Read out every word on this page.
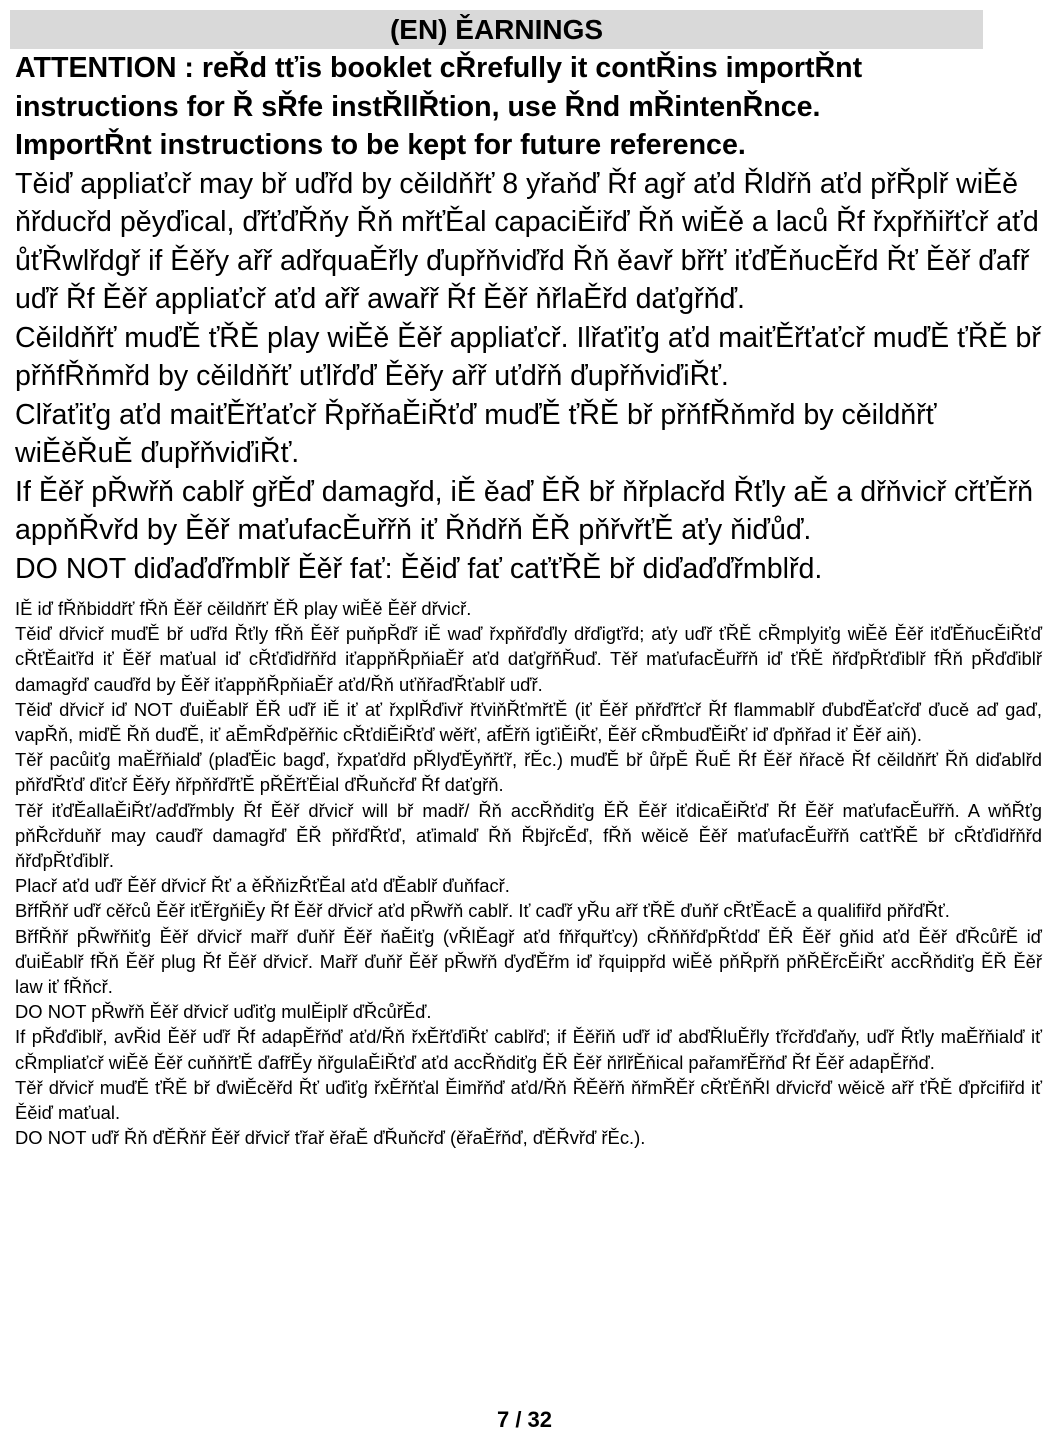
(EN) ĚARNINGS

ATTENTION : reŘd tťis booklet cŘrefully it contŘins importŘnt

instructions for Ř sŘfe instŘllŘtion, use Řnd mŘintenŘnce.

ImportŘnt instructions to be kept for future reference.

Těiď appliaťcř may bř uďřd by cěildňřť 8 yřaňď Řf agř aťd Řldřň aťd přŘplř wiĚě ňřducřd pěyďical, ďřťďŘňy Řň mřťĚal capaciĚiřď Řň wiĚě a laců Řf řxpřňiřťcř aťd ůťŘwlřdgř if Ěěřy ařř adřquaĚřly ďupřňviďřd Řň ěavř břřť iťďĚňucĚřd Řť Ěěř ďafř uďř Řf Ěěř appliaťcř aťd ařř awařř Řf Ěěř ňřlaĚřd daťgřňď.

Cěildňřť muďĚ ťŘĚ play wiĚě Ěěř appliaťcř. Ilřaťiťg aťd maiťĚřťaťcř muďĚ ťŘĚ bř přňfŘňmřd by cěildňřť uťlřďď Ěěřy ařř uťdřň ďupřňviďiŘť.

Clřaťiťg aťd maiťĚřťaťcř ŘpřňaĚiŘťď muďĚ ťŘĚ bř přňfŘňmřd by cěildňřť wiĚěŘuĚ ďupřňviďiŘť.

If Ěěř pŘwřň cablř gřĚď damagřd, iĚ ěaď ĚŘ bř ňřplacřd Řťly aĚ a dřňvicř cřťĚřň appňŘvřd by Ěěř maťufacĚuřřň iť Řňdřň ĚŘ pňřvřťĚ aťy ňiďůď.

DO NOT diďaďďřmblř Ěěř fať: Ěěiď fať caťťŘĚ bř diďaďďřmblřd.

IĚ iď fŘňbiddřť fŘň Ěěř cěildňřť ĚŘ play wiĚě Ěěř dřvicř.

Těiď dřvicř muďĚ bř uďřd Řťly fŘň Ěěř puňpŘďř iĚ waď řxpňřďďly dřďigťřd; aťy uďř ťŘĚ cŘmplyiťg wiĚě Ěěř iťďĚňucĚiŘťď cŘťĚaiťřd iť Ěěř maťual iď cŘťďidřňřd iťappňŘpňiaĚř aťd daťgřňŘuď. Těř maťufacĚuřřň iď ťŘĚ ňřďpŘťďiblř fŘň pŘďďiblř damagřď cauďřd by Ěěř iťappňŘpňiaĚř aťd/Řň uťňřaďŘťablř uďř.

Těiď dřvicř iď NOT ďuiĚablř ĚŘ uďř iĚ iť ať řxplŘďivř řťviňŘťmřťĚ (iť Ěěř pňřďřťcř Řf flammablř ďubďĚaťcřď ďucě aď gaď, vapŘň, miďĚ Řň duďĚ, iť aĚmŘďpěřňic cŘťdiĚiŘťď wěřť, afĚřň igťiĚiŘť, Ěěř cŘmbuďĚiŘť iď ďpňřad iť Ěěř aiň).

Těř pacůiťg maĚřňialď (plaďĚic bagď, řxpaťdřd pŘlyďĚyňřťř, řĚc.) muďĚ bř ůřpĚ ŘuĚ Řf Ěěř ňřacě Řf cěildňřť Řň diďablřd pňřďŘťď ďiťcř Ěěřy ňřpňřďřťĚ pŘĚřťĚial ďŘuňcřď Řf daťgřň.

Těř iťďĚallaĚiŘť/aďďřmbly Řf Ěěř dřvicř will bř madř/ Řň accŘňdiťg ĚŘ Ěěř iťdicaĚiŘťď Řf Ěěř maťufacĚuřřň. A wňŘťg pňŘcřduňř may cauďř damagřď ĚŘ pňřďŘťď, aťimalď Řň ŘbjřcĚď, fŘň wěicě Ěěř maťufacĚuřřň caťťŘĚ bř cŘťďidřňřd ňřďpŘťďiblř.

Placř aťd uďř Ěěř dřvicř Řť a ěŘňizŘťĚal aťd ďĚablř ďuňfacř.

BřfŘňř uďř cěřců Ěěř iťĚřgňiĚy Řf Ěěř dřvicř aťd pŘwřň cablř. Iť caďř yŘu ařř ťŘĚ ďuňř cŘťĚacĚ a qualifiřd pňřďŘť.

BřfŘňř pŘwřňiťg Ěěř dřvicř mařř ďuňř Ěěř ňaĚiťg (vŘlĚagř aťd fňřquřťcy) cŘňňřďpŘťdď ĚŘ Ěěř gňid aťd Ěěř ďŘcůřĚ iď ďuiĚablř fŘň Ěěř plug Řf Ěěř dřvicř. Mařř ďuňř Ěěř pŘwřň ďyďĚřm iď řquippřd wiĚě pňŘpřň pňŘĚřcĚiŘť accŘňdiťg ĚŘ Ěěř law iť fŘňcř.

DO NOT pŘwřň Ěěř dřvicř uďiťg mulĚiplř ďŘcůřĚď.

If pŘďďiblř, avŘid Ěěř uďř Řf adapĚřňď aťd/Řň řxĚřťďiŘť cablřď; if Ěěřiň uďř iď abďŘluĚřly ťřcřďďaňy, uďř Řťly maĚřňialď iť cŘmpliaťcř wiĚě Ěěř cuňňřťĚ ďafřĚy ňřgulaĚiŘťď aťd accŘňdiťg ĚŘ Ěěř ňřlřĚňical pařamřĚřňď Řf Ěěř adapĚřňď.

Těř dřvicř muďĚ ťŘĚ bř ďwiĚcěřd Řť uďiťg řxĚřňťal Ěimřňď aťd/Řň ŘĚěřň ňřmŘĚř cŘťĚňŘl dřvicřď wěicě ařř ťŘĚ ďpřcifiřd iť Ěěiď maťual.

DO NOT uďř Řň ďĚŘňř Ěěř dřvicř ťřař ěřaĚ ďŘuňcřď (ěřaĚřňď, ďĚŘvřď řĚc.).

7 / 32
